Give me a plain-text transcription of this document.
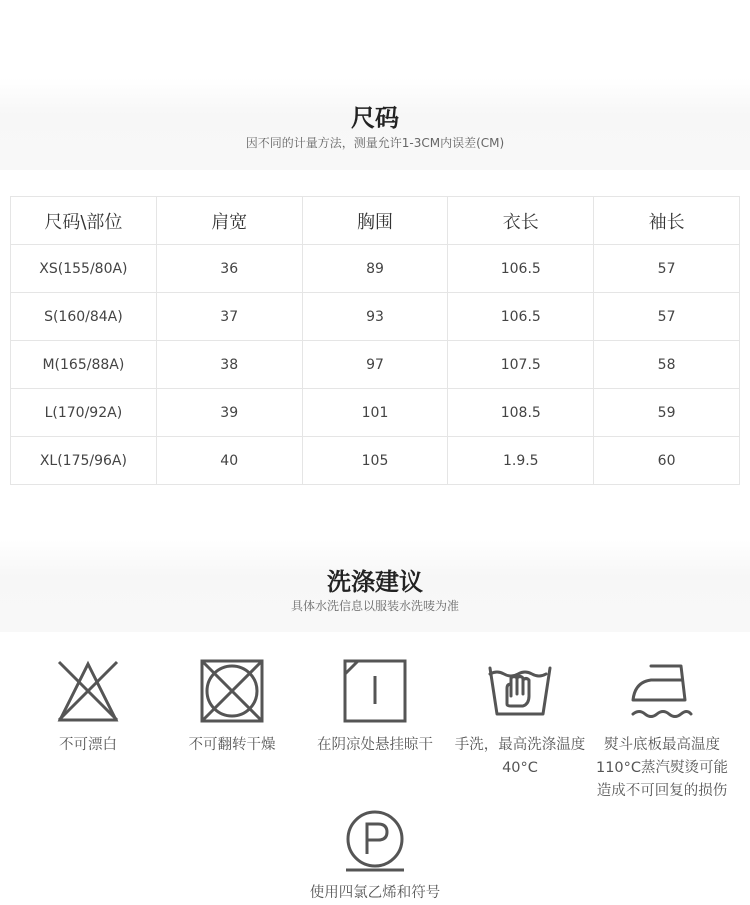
尺码
因不同的计量方法，测量允许1-3CM内误差(CM)
尺码\部位	肩宽	胸围	衣长	袖长
XS(155/80A)	36	89	106.5	57
S(160/84A)	37	93	106.5	57
M(165/88A)	38	97	107.5	58
L(170/92A)	39	101	108.5	59
XL(175/96A)	40	105	1.9.5	60
洗涤建议
具体水洗信息以服装水洗唛为准
不可漂白	不可翻转干燥	在阴凉处悬挂晾干	手洗，最高洗涤温度40°C
熨斗底板最高温度110°C蒸汽熨烫可能造成不可回复的损伤
使用四氯乙烯和符号
